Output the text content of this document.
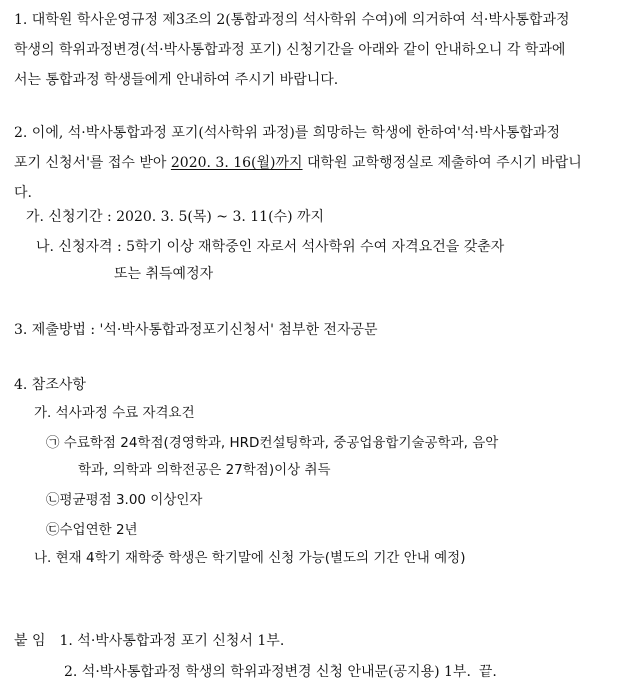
1. 대학원 학사운영규정 제3조의 2(통합과정의 석사학위 수여)에 의거하여 석·박사통합과정
학생의 학위과정변경(석·박사통합과정 포기) 신청기간을 아래와 같이 안내하오니 각 학과에
서는 통합과정 학생들에게 안내하여 주시기 바랍니다.
2. 이에, 석·박사통합과정 포기(석사학위 과정)를 희망하는 학생에 한하여'석·박사통합과정
포기 신청서'를 접수 받아 2020. 3. 16(월)까지 대학원 교학행정실로 제출하여 주시기 바랍니
다.
가. 신청기간 : 2020. 3. 5(목) ~ 3. 11(수) 까지
나. 신청자격 : 5학기 이상 재학중인 자로서 석사학위 수여 자격요건을 갖춘자
또는 취득예정자
3. 제출방법 : '석·박사통합과정포기신청서' 첨부한 전자공문
4. 참조사항
가. 석사과정 수료 자격요건
㉠ 수료학점 24학점(경영학과, HRD컨설팅학과, 중공업융합기술공학과, 음악
학과, 의학과 의학전공은 27학점)이상 취득
㉡평균평점 3.00 이상인자
㉢수업연한 2년
나. 현재 4학기 재학중 학생은 학기말에 신청 가능(별도의 기간 안내 예정)
붙 임 1. 석·박사통합과정 포기 신청서 1부.
2. 석·박사통합과정 학생의 학위과정변경 신청 안내문(공지용) 1부. 끝.
